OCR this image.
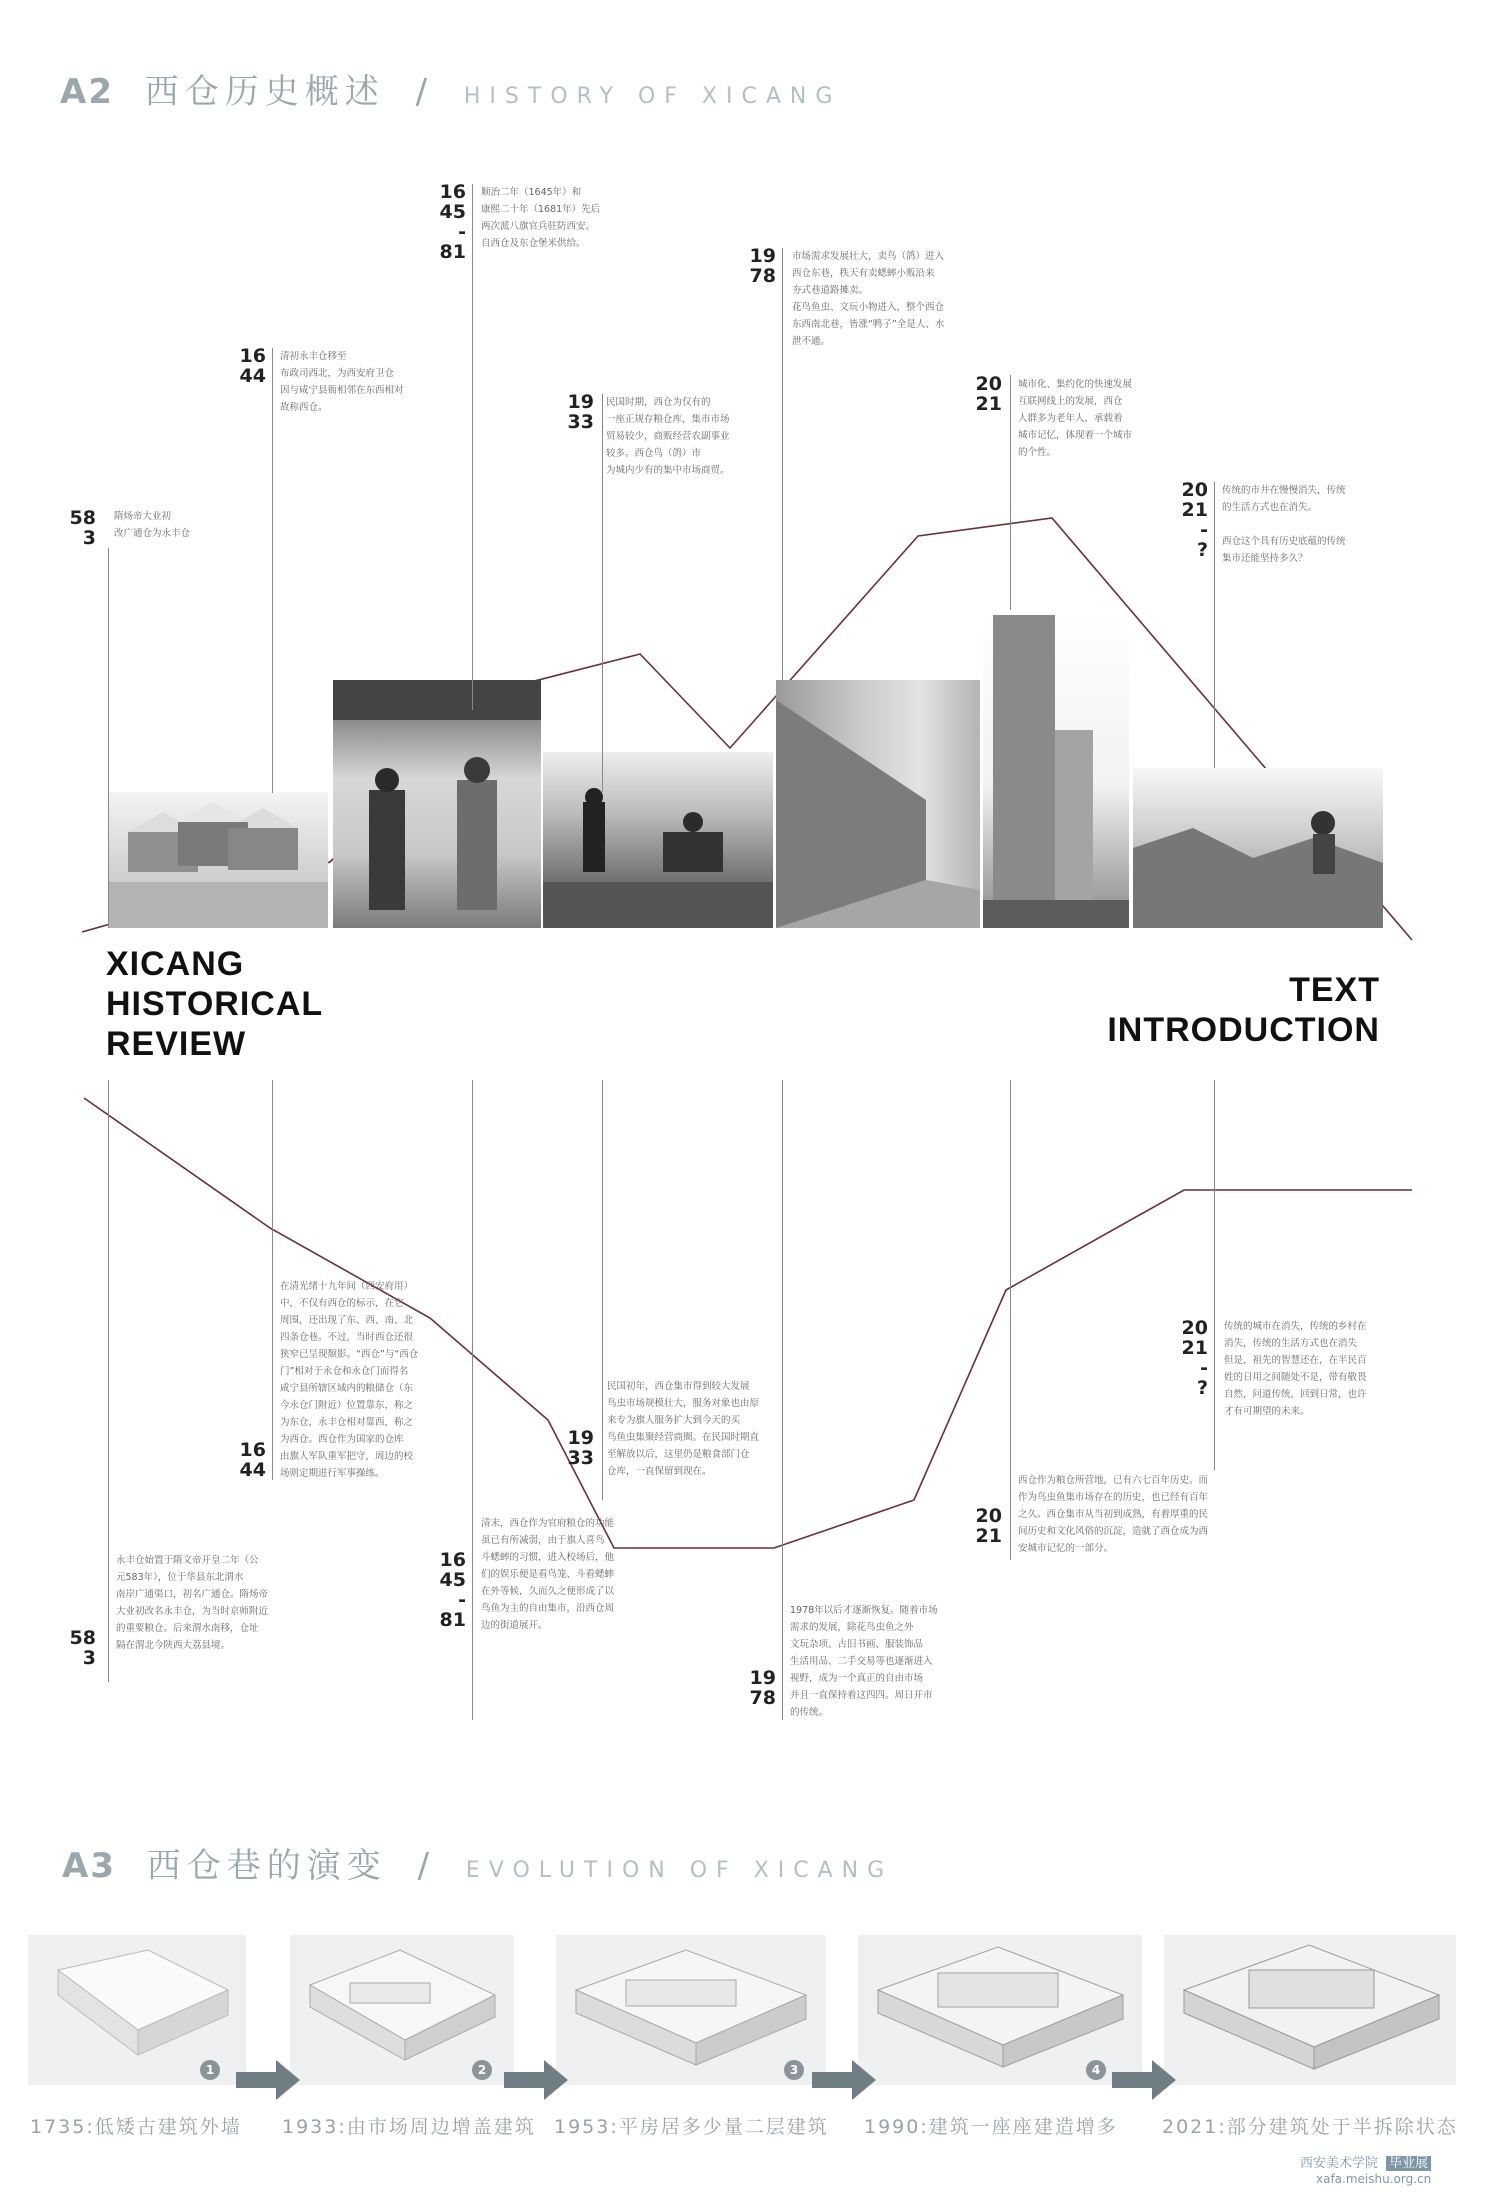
A2 西仓历史概述 / HISTORY OF XICANG
XICANG
HISTORICAL
REVIEW
TEXT
INTRODUCTION
58
3
隋炀帝大业初
改广通仓为永丰仓
16
44
清初永丰仓移至
布政司西北，为西安府卫仓
因与咸宁县衙相邻在东西相对
故称西仓。
16
45
-
81
顺治二年（1645年）和
康熙二十年（1681年）先后
两次派八旗官兵驻防西安。
自西仓及东仓堡米供给。
19
33
民国时期，西仓为仅有的
一座正规存粮仓库，集市市场
贸易较少，商贩经营农副事业
较多。西仓鸟（鸽）市
为城内少有的集中市场商贸。
19
78
市场需求发展壮大，卖鸟（鸽）进入
西仓东巷，秩天有卖蟋蟀小贩沿来
夯式巷道路摊卖。
花鸟鱼虫、文玩小物进入，整个西仓
东西南北巷，皆涨“鸭子”全是人、水
泄不通。
20
21
城市化、集约化的快速发展
互联网线上的发展，西仓
人群多为老年人，承载着
城市记忆，体现着一个城市
的个性。
20
21
-
?
传统的市井在慢慢消失，传统
的生活方式也在消失。

西仓这个具有历史底蕴的传统
集市还能坚持多久？
58
3
永丰仓始置于隋文帝开皇二年（公
元583年），位于华县东北渭水
南岸广通渠口，初名广通仓。隋炀帝
大业初改名永丰仓，为当时京师附近
的重要粮仓。后来渭水南移，仓址
隔在渭北今陕西大荔县境。
16
44
在清光绪十九年间（西安府用）
中，不仅有西仓的标示，在它
周围，还出现了东、西、南、北
四条仓巷。不过，当时西仓还很
狭窄已呈现颓影。“西仓”与“西仓
门”相对于永仓和永仓门而得名
咸宁县所辖区域内的粮储仓（东
今永仓门附近）位置靠东，称之
为东仓，永丰仓相对靠西，称之
为西仓。西仓作为国家的仓库
由旗人军队重军把守，周边的校
场则定期进行军事操练。
16
45
-
81
清末，西仓作为官府粮仓的功能
虽已有所减弱，由于旗人喜鸟
斗蟋蟀的习惯，进入校场后，他
们的娱乐便是看鸟笼、斗看蟋蟀
在外等候，久而久之便形成了以
鸟鱼为主的自由集市，沿西仓周
边的街道展开。
19
33
民国初年，西仓集市得到较大发展
鸟虫市场规模壮大，服务对象也由原
来专为旗人服务扩大到今天的买
鸟鱼虫集聚经营商圈。在民国时期直
至解放以后，这里仍是粮食部门仓
仓库，一直保留到现在。
19
78
1978年以后才逐渐恢复。随着市场
需求的发展，除花鸟虫鱼之外
文玩杂项、古旧书画、服装饰品
生活用品、二手交易等也逐渐进入
视野，成为一个真正的自由市场
并且一直保持着这四四。周日开市
的传统。
20
21
西仓作为粮仓所营地，已有六七百年历史。而
作为鸟虫鱼集市场存在的历史，也已经有百年
之久。西仓集市从当初到成熟，有着厚重的民
间历史和文化风俗的沉淀，造就了西仓成为西
安城市记忆的一部分。
20
21
-
?
传统的城市在消失，传统的乡村在
消失，传统的生活方式也在消失
但是，祖先的智慧还在，在半民百
姓的日用之间随处不是，带有敬畏
自然，问道传统，回到日常，也许
才有可期望的未来。
A3 西仓巷的演变 / EVOLUTION OF XICANG
1	2	3	4
1735:低矮古建筑外墙 1933:由市场周边增盖建筑 1953:平房居多少量二层建筑 1990:建筑一座座建造增多 2021:部分建筑处于半拆除状态
西安美术学院 毕业展
xafa.meishu.org.cn
